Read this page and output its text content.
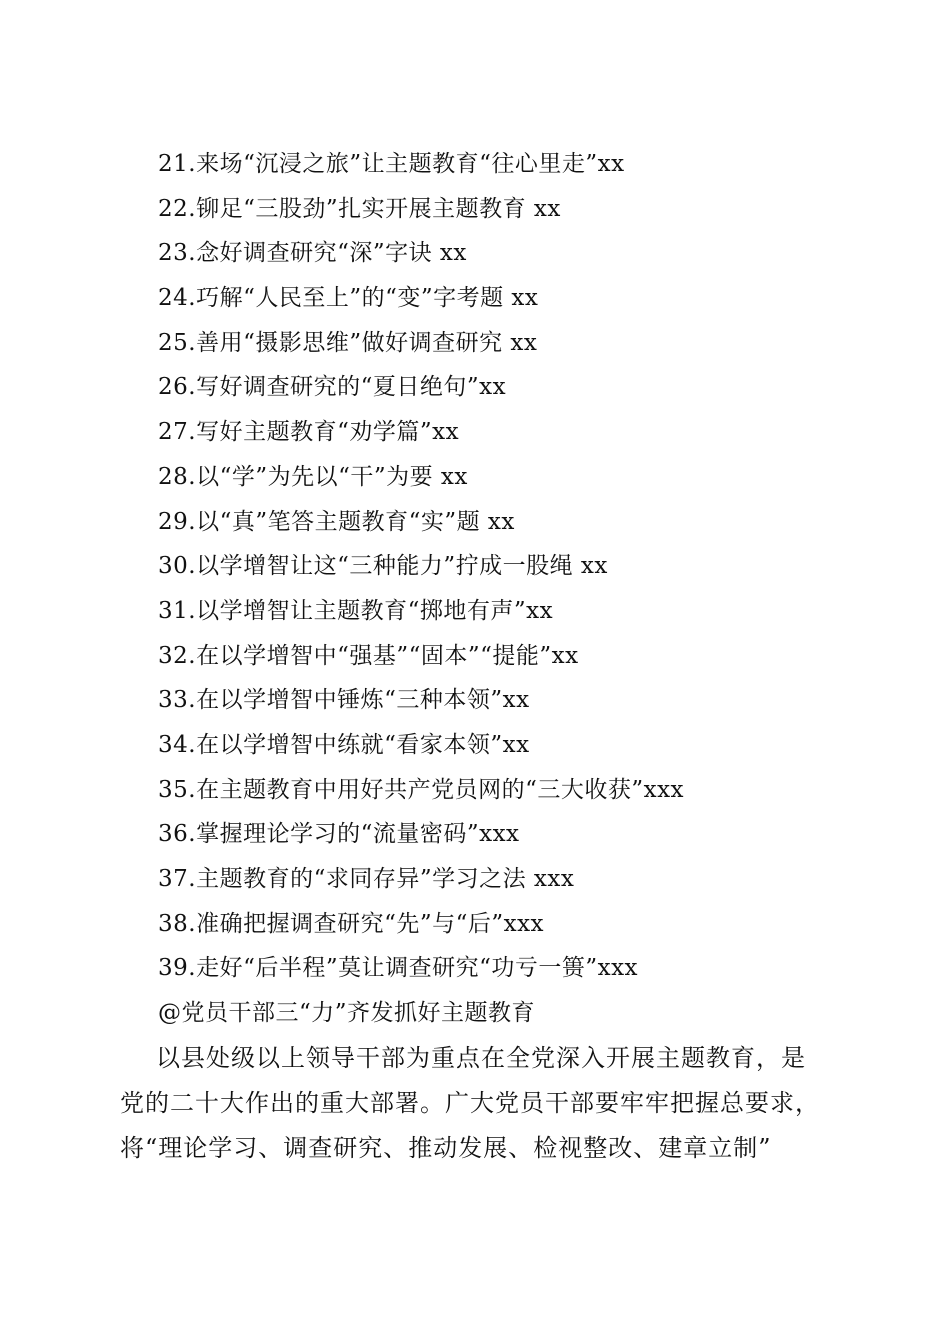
21.来场“沉浸之旅”让主题教育“往心里走”xx
22.铆足“三股劲”扎实开展主题教育 xx
23.念好调查研究“深”字诀 xx
24.巧解“人民至上”的“变”字考题 xx
25.善用“摄影思维”做好调查研究 xx
26.写好调查研究的“夏日绝句”xx
27.写好主题教育“劝学篇”xx
28.以“学”为先以“干”为要 xx
29.以“真”笔答主题教育“实”题 xx
30.以学增智让这“三种能力”拧成一股绳 xx
31.以学增智让主题教育“掷地有声”xx
32.在以学增智中“强基”“固本”“提能”xx
33.在以学增智中锤炼“三种本领”xx
34.在以学增智中练就“看家本领”xx
35.在主题教育中用好共产党员网的“三大收获”xxx
36.掌握理论学习的“流量密码”xxx
37.主题教育的“求同存异”学习之法 xxx
38.准确把握调查研究“先”与“后”xxx
39.走好“后半程”莫让调查研究“功亏一篑”xxx
@党员干部三“力”齐发抓好主题教育

以县处级以上领导干部为重点在全党深入开展主题教育，是
党的二十大作出的重大部署。广大党员干部要牢牢把握总要求，
将“理论学习、调查研究、推动发展、检视整改、建章立制”
